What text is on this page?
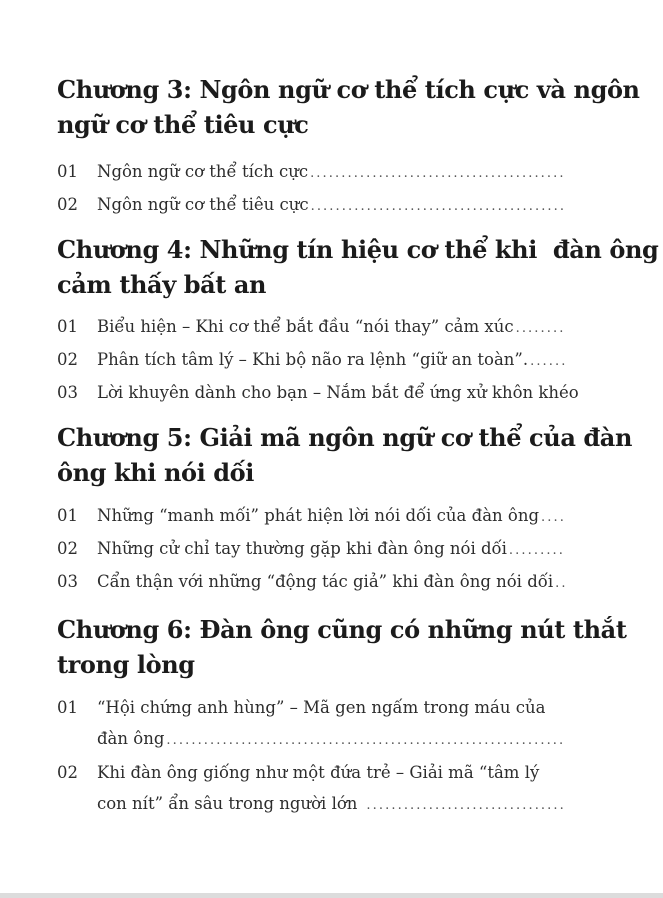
Chương 3: Ngôn ngữ cơ thể tích cực và ngôn
ngữ cơ thể tiêu cực
01	Ngôn ngữ cơ thể tích cực
.....
02	Ngôn ngữ cơ thể tiêu cực
.....
Chương 4: Những tín hiệu cơ thể khi  đàn ông
cảm thấy bất an
01	Biểu hiện – Khi cơ thể bắt đầu “nói thay” cảm xúc
.....
02	Phân tích tâm lý – Khi bộ não ra lệnh “giữ an toàn”.
.....
03	Lời khuyên dành cho bạn – Nắm bắt để ứng xử khôn khéo
.....
Chương 5: Giải mã ngôn ngữ cơ thể của đàn
ông khi nói dối
01	Những “manh mối” phát hiện lời nói dối của đàn ông
.....
02	Những cử chỉ tay thường gặp khi đàn ông nói dối
.....
03	Cẩn thận với những “động tác giả” khi đàn ông nói dối
.....
Chương 6: Đàn ông cũng có những nút thắt
trong lòng
01	“Hội chứng anh hùng” – Mã gen ngấm trong máu của
đàn ông
.....
02	Khi đàn ông giống như một đứa trẻ – Giải mã “tâm lý
con nít” ẩn sâu trong người lớn
.....
